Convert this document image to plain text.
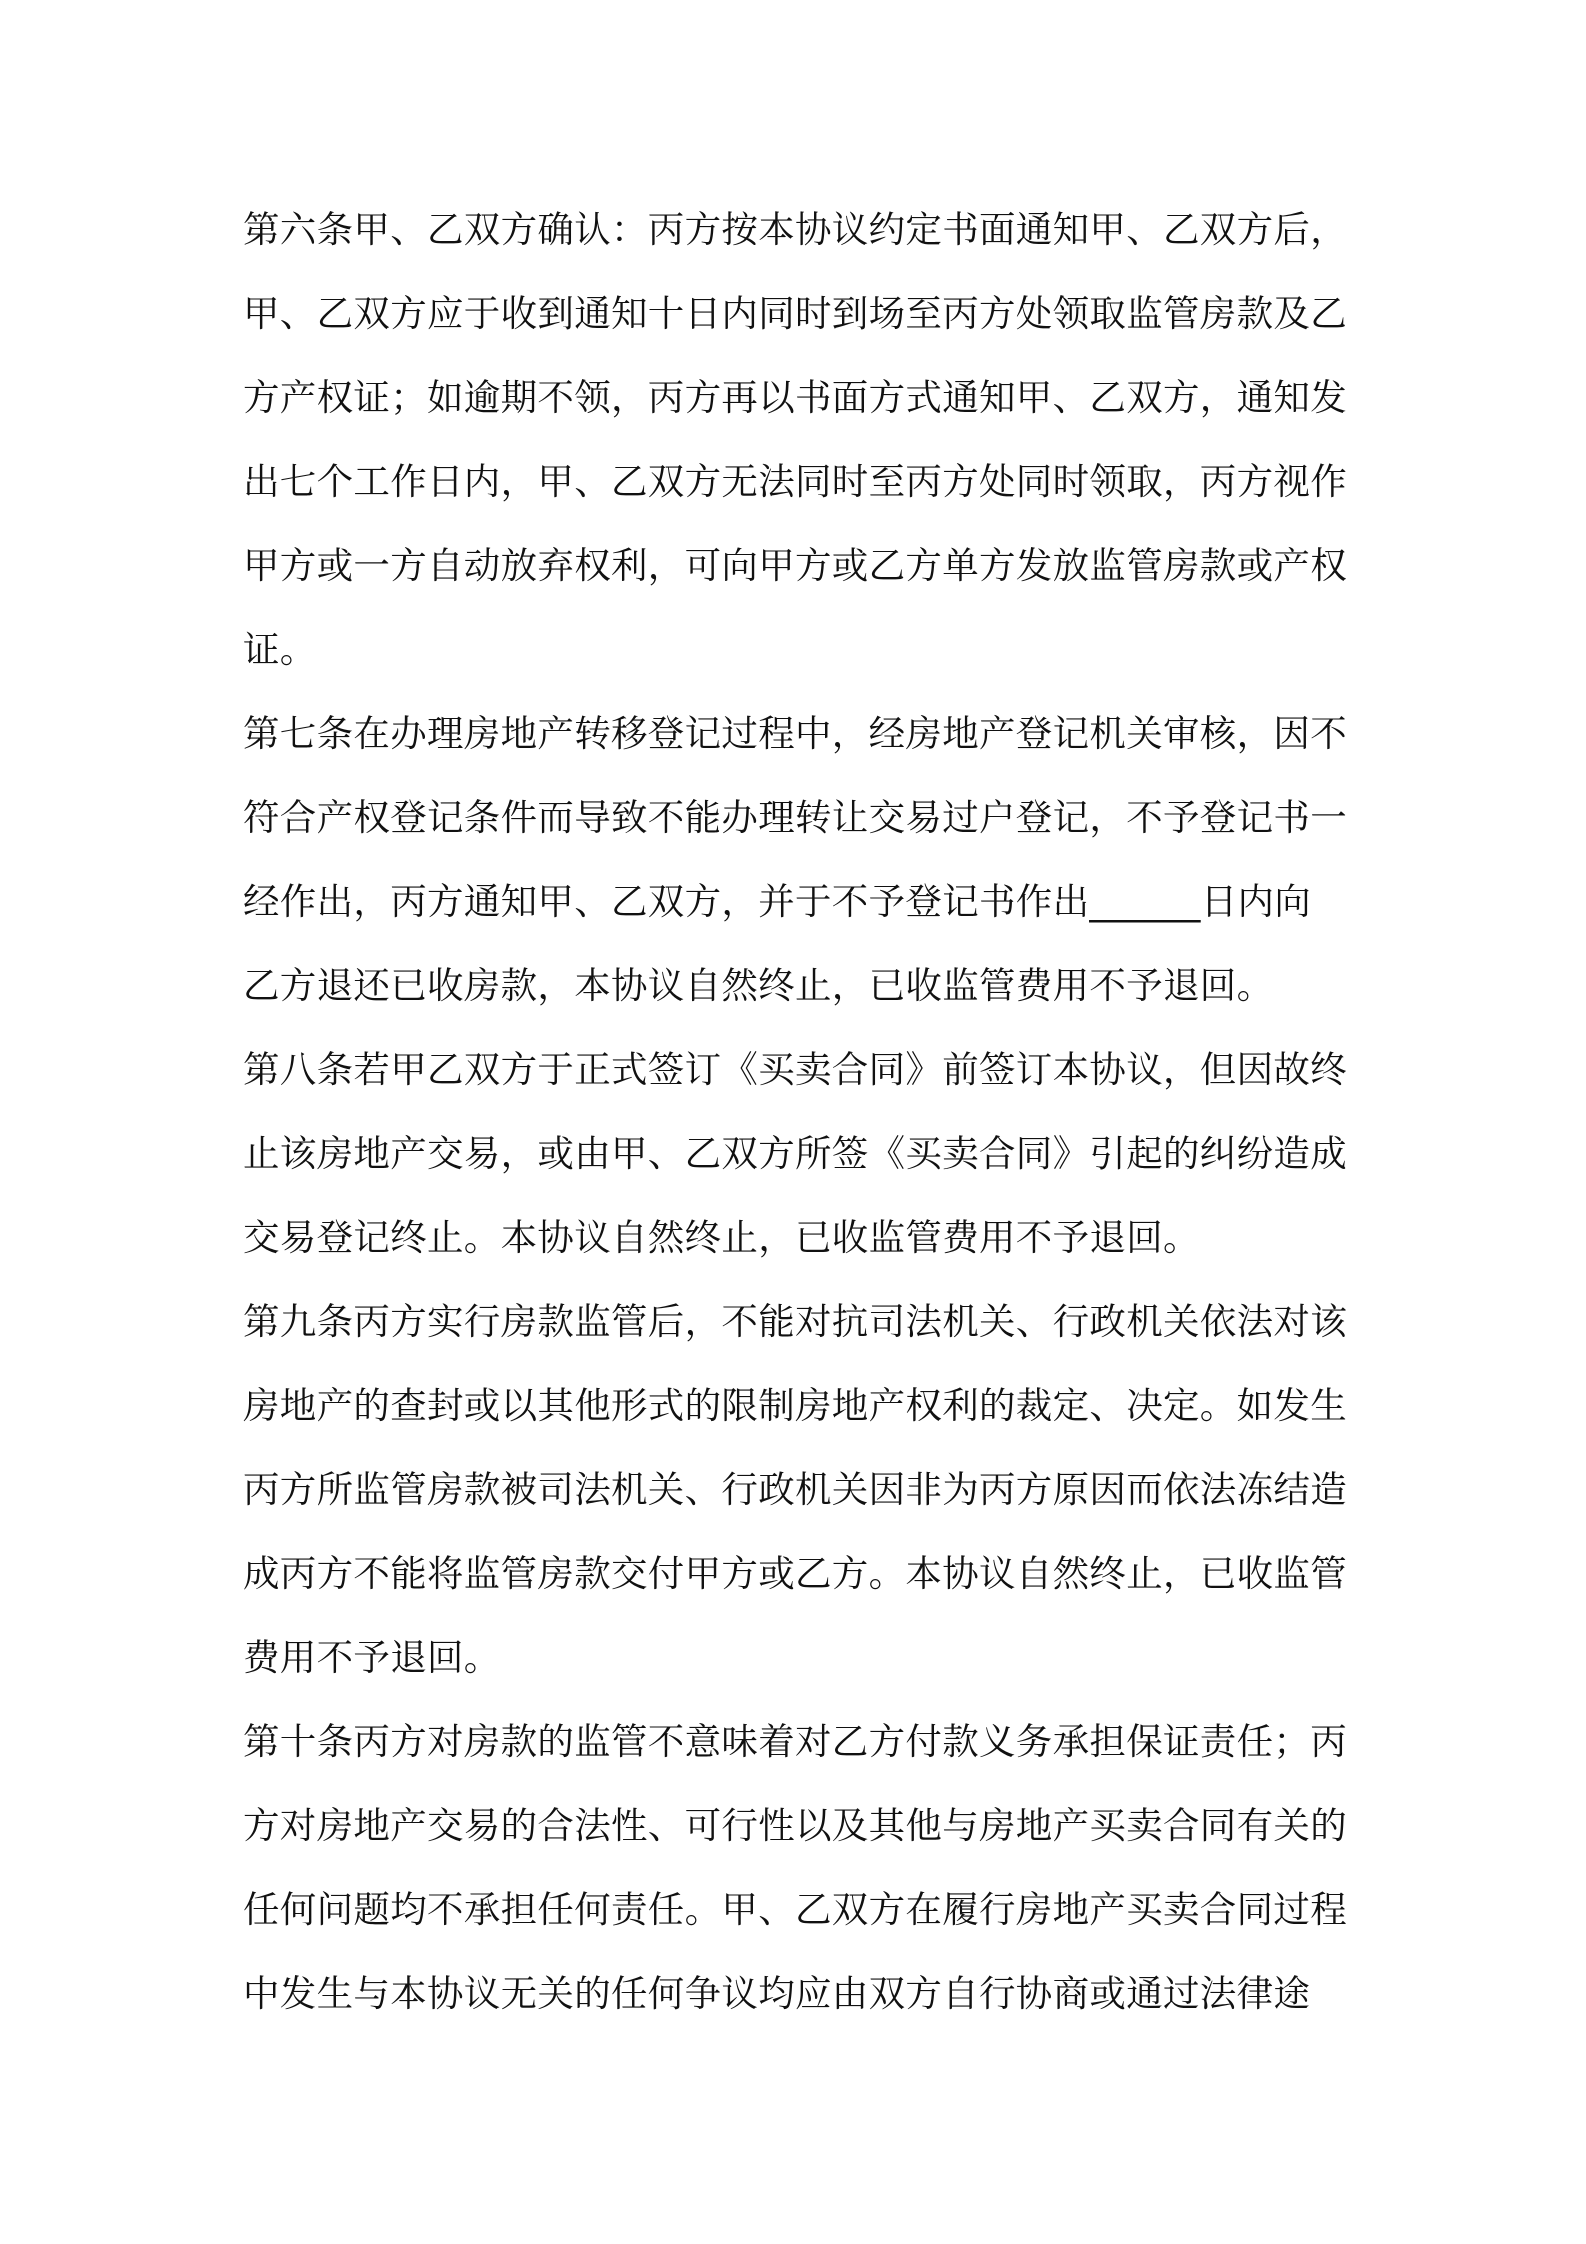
第六条甲、乙双方确认：丙方按本协议约定书面通知甲、乙双方后，
甲、乙双方应于收到通知十日内同时到场至丙方处领取监管房款及乙
方产权证；如逾期不领，丙方再以书面方式通知甲、乙双方，通知发
出七个工作日内，甲、乙双方无法同时至丙方处同时领取，丙方视作
甲方或一方自动放弃权利，可向甲方或乙方单方发放监管房款或产权
证。
第七条在办理房地产转移登记过程中，经房地产登记机关审核，因不
符合产权登记条件而导致不能办理转让交易过户登记，不予登记书一
经作出，丙方通知甲、乙双方，并于不予登记书作出______日内向
乙方退还已收房款，本协议自然终止，已收监管费用不予退回。
第八条若甲乙双方于正式签订《买卖合同》前签订本协议，但因故终
止该房地产交易，或由甲、乙双方所签《买卖合同》引起的纠纷造成
交易登记终止。本协议自然终止，已收监管费用不予退回。
第九条丙方实行房款监管后，不能对抗司法机关、行政机关依法对该
房地产的查封或以其他形式的限制房地产权利的裁定、决定。如发生
丙方所监管房款被司法机关、行政机关因非为丙方原因而依法冻结造
成丙方不能将监管房款交付甲方或乙方。本协议自然终止，已收监管
费用不予退回。
第十条丙方对房款的监管不意味着对乙方付款义务承担保证责任；丙
方对房地产交易的合法性、可行性以及其他与房地产买卖合同有关的
任何问题均不承担任何责任。甲、乙双方在履行房地产买卖合同过程
中发生与本协议无关的任何争议均应由双方自行协商或通过法律途
